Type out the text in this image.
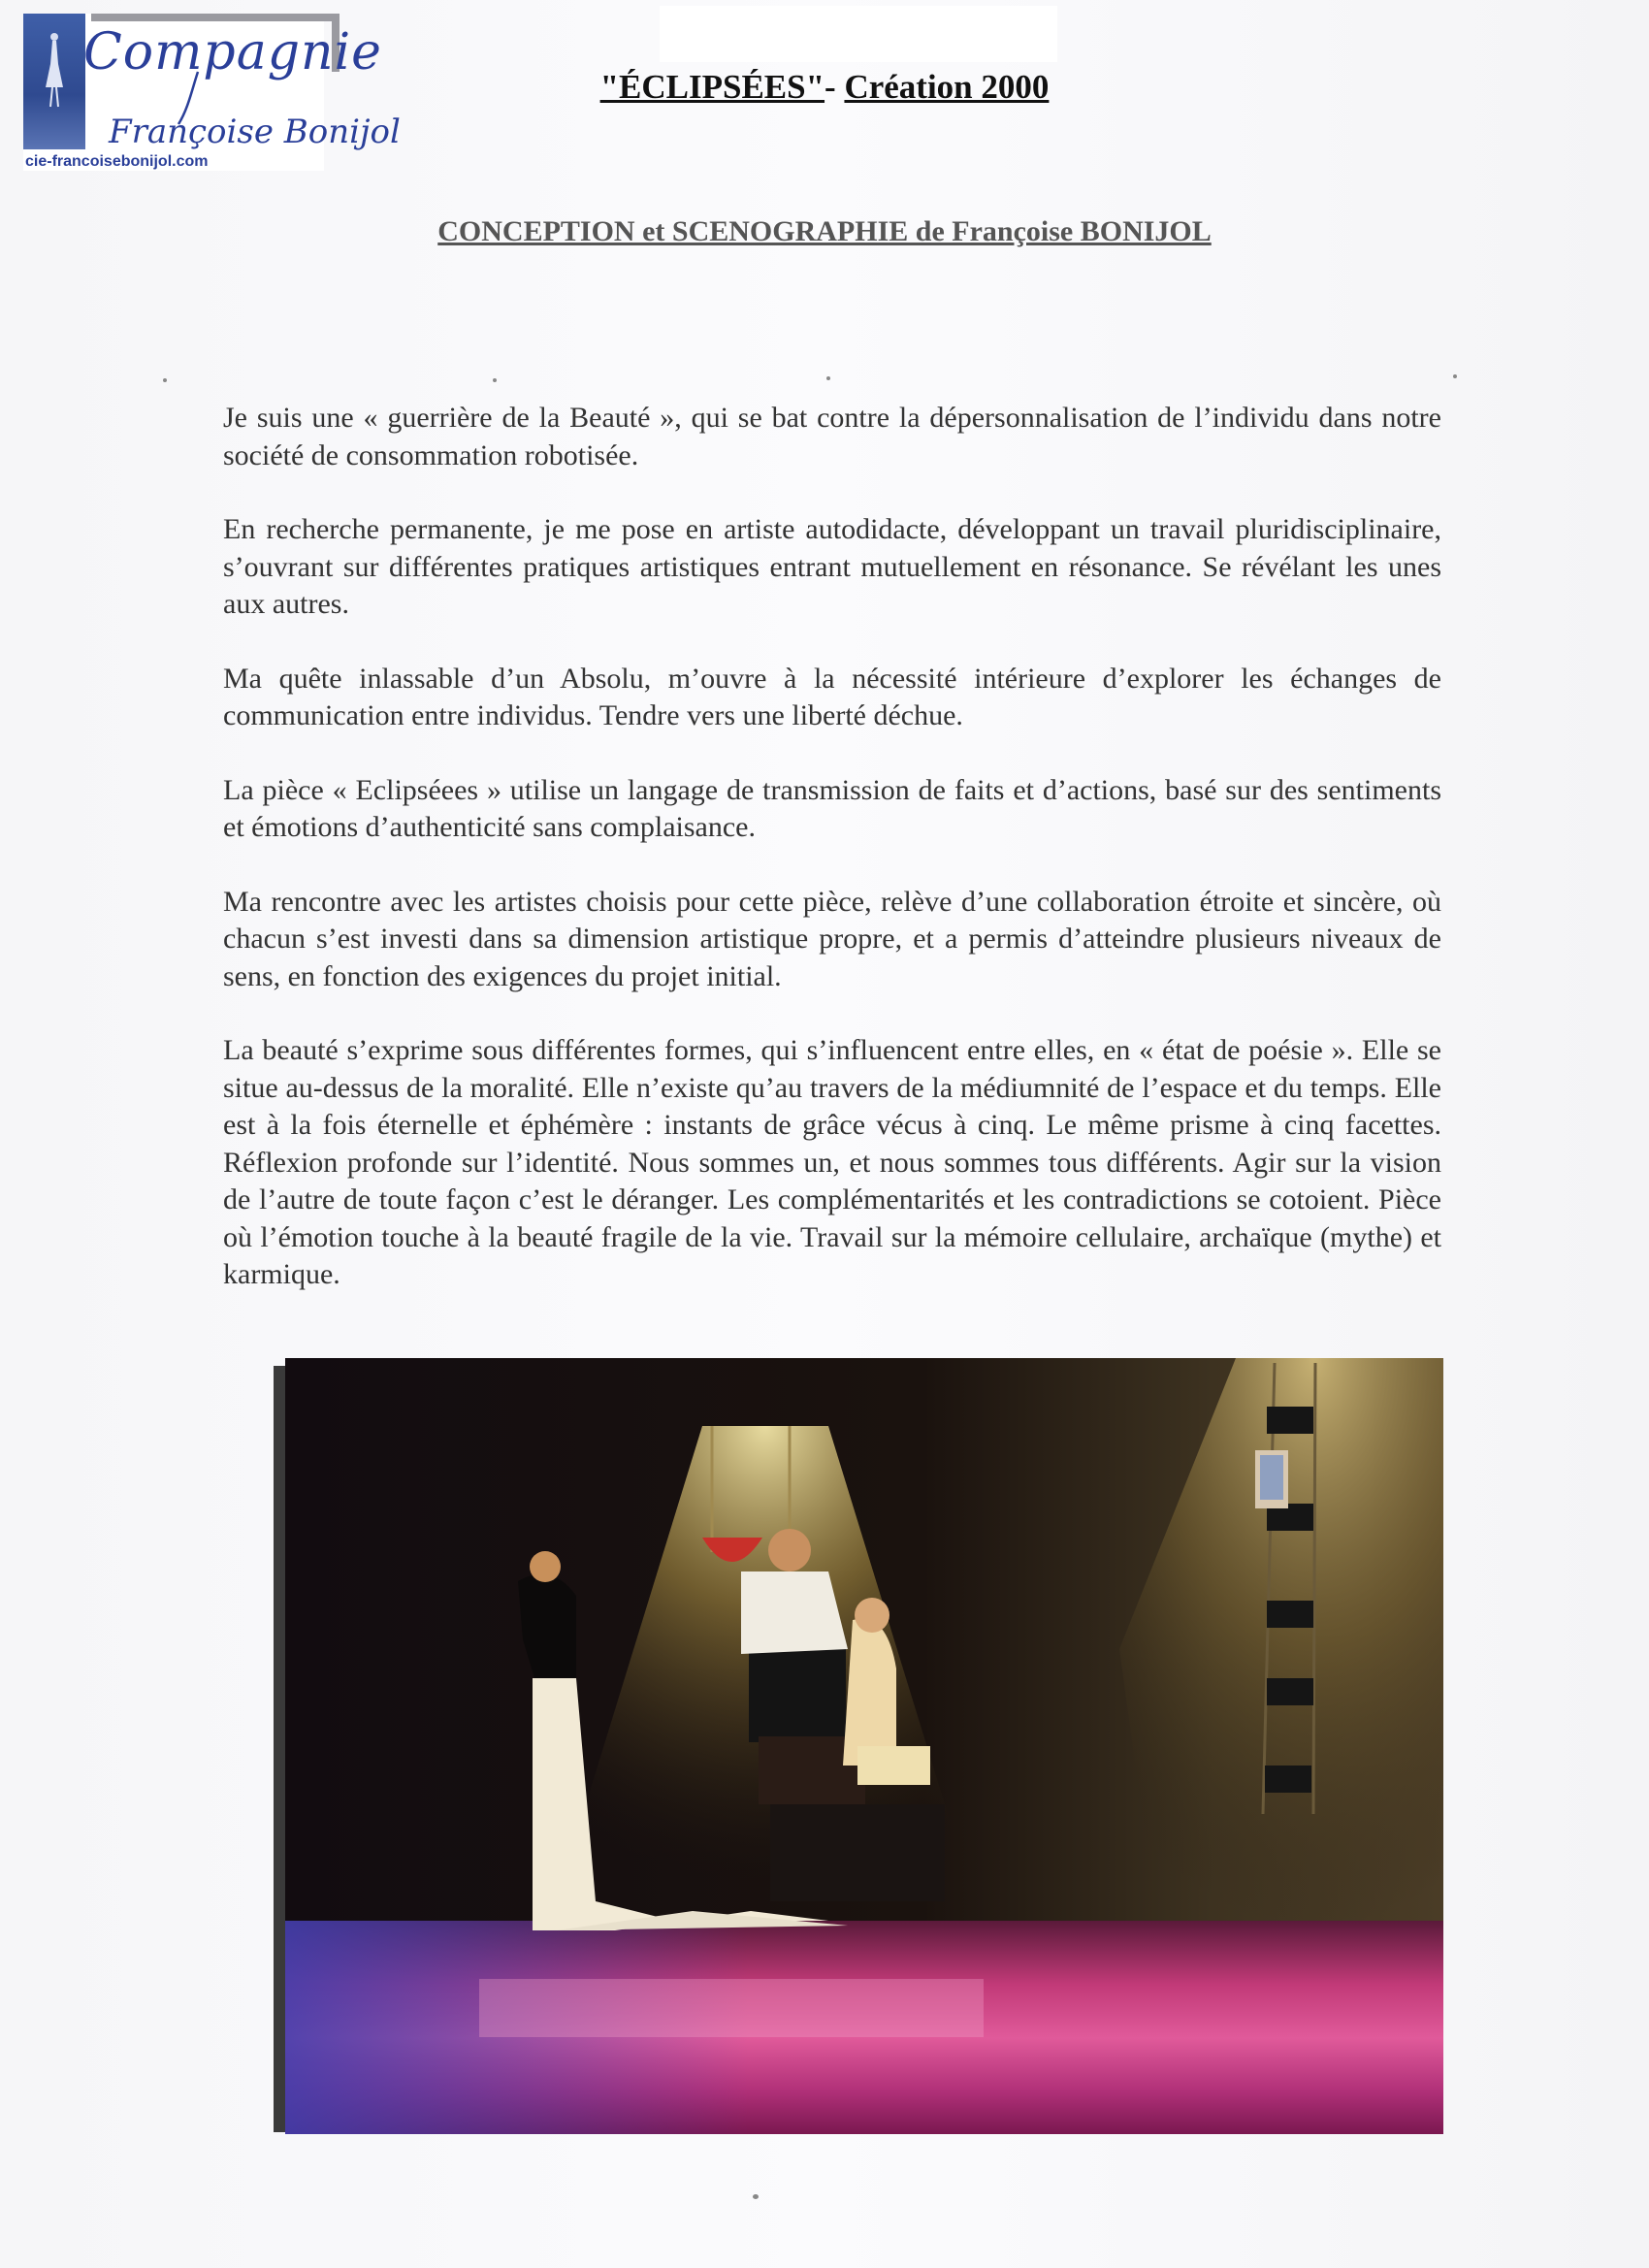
Compagnie
Françoise Bonijol
cie-francoisebonijol.com
"ÉCLIPSÉES"- Création 2000
CONCEPTION et SCENOGRAPHIE de Françoise BONIJOL

Je suis une « guerrière de la Beauté », qui se bat contre la dépersonnalisation de l’individu dans notre société de consommation robotisée.

En recherche permanente, je me pose en artiste autodidacte, développant un travail pluridisciplinaire, s’ouvrant sur différentes pratiques artistiques entrant mutuellement en résonance. Se révélant les unes aux autres.

Ma quête inlassable d’un Absolu, m’ouvre à la nécessité intérieure d’explorer les échanges de communication entre individus. Tendre vers une liberté déchue.

La pièce « Eclipséees » utilise un langage de transmission de faits et d’actions, basé sur des sentiments et émotions d’authenticité sans complaisance.

Ma rencontre avec les artistes choisis pour cette pièce, relève d’une collaboration étroite et sincère, où chacun s’est investi dans sa dimension artistique propre, et a permis d’atteindre plusieurs niveaux de sens, en fonction des exigences du projet initial.

La beauté s’exprime sous différentes formes, qui s’influencent entre elles, en « état de poésie ». Elle se situe au-dessus de la moralité. Elle n’existe qu’au travers de la médiumnité de l’espace et du temps. Elle est à la fois éternelle et éphémère : instants de grâce vécus à cinq. Le même prisme à cinq facettes. Réflexion profonde sur l’identité. Nous sommes un, et nous sommes tous différents. Agir sur la vision de l’autre de toute façon c’est le déranger. Les complémentarités et les contradictions se cotoient. Pièce où l’émotion touche à la beauté fragile de la vie. Travail sur la mémoire cellulaire, archaïque (mythe) et karmique.
